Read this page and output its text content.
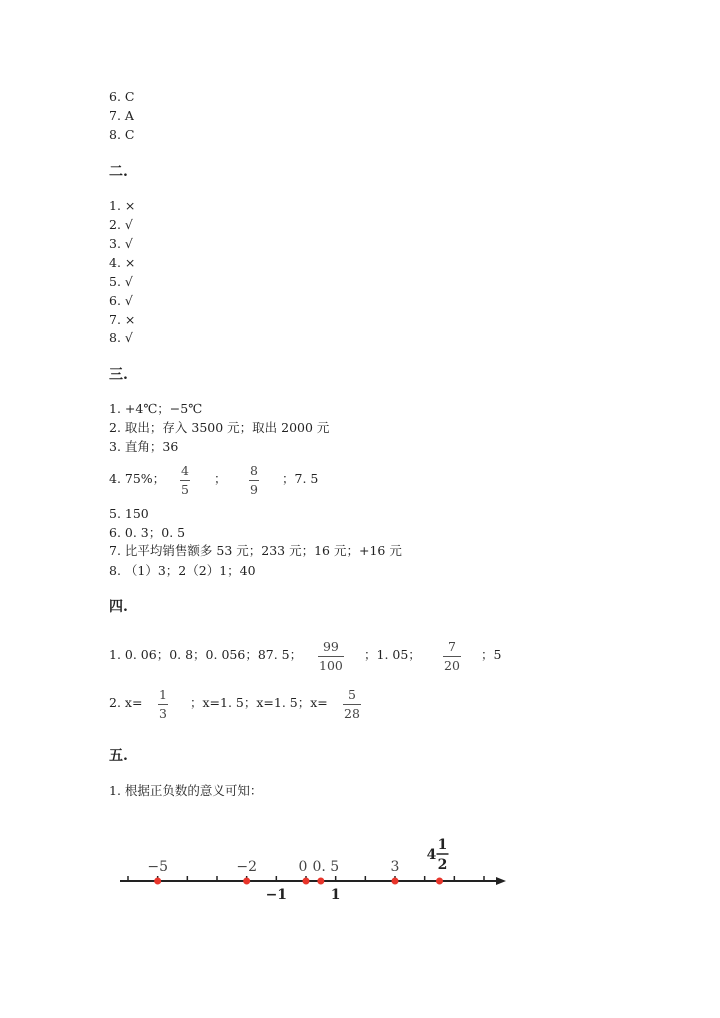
6. C
7. A
8. C
二.
1. ×
2. √
3. √
4. ×
5. √
6. √
7. ×
8. √
三.
1. +4℃；−5℃
2. 取出；存入 3500 元；取出 2000 元
3. 直角；36
4. 75%；
4
5
；
8
9
；7. 5
5. 150
6. 0. 3；0. 5
7. 比平均销售额多 53 元；233 元；16 元；+16 元
8. （1）3；2（2）1；40
四.
1. 0. 06；0. 8；0. 056；87. 5；
99
100
；1. 05；
7
20
；5
2. x=
1
3
；x=1. 5；x=1. 5；x=
5
28
五.
1. 根据正负数的意义可知：
−5	−2	0 0. 5	3
−1	1
4
1
2
